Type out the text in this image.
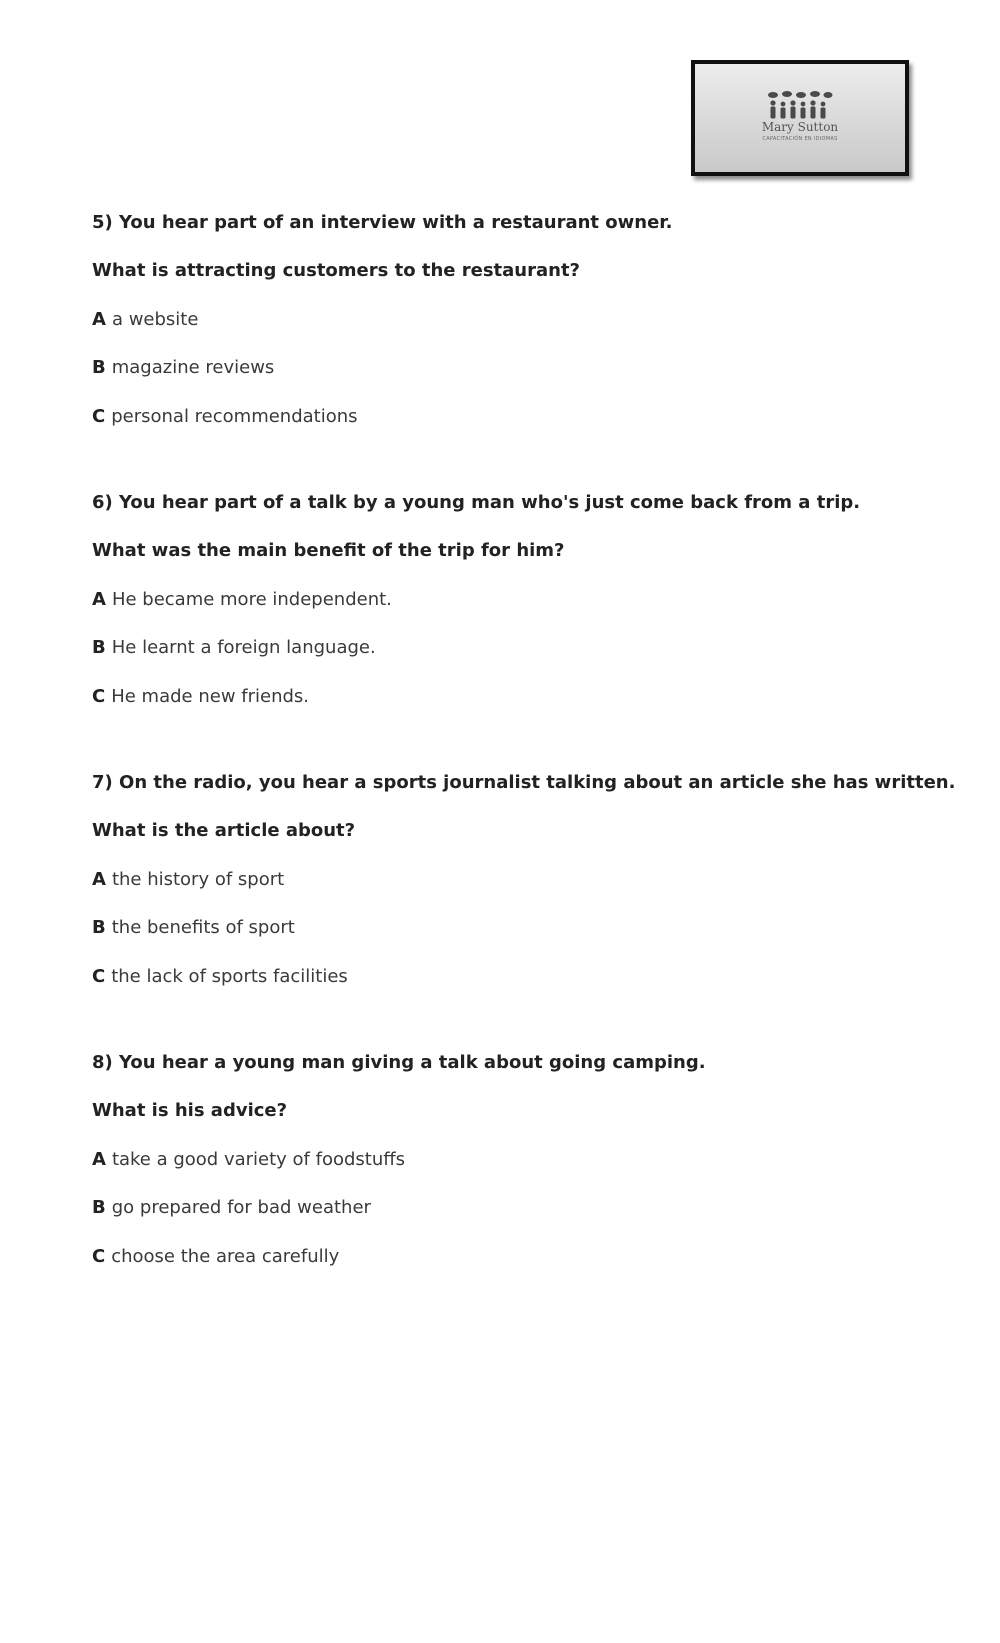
Mary Sutton
CAPACITACIÓN EN IDIOMAS
5) You hear part of an interview with a restaurant owner.
What is attracting customers to the restaurant?
A a website
B magazine reviews
C personal recommendations
6) You hear part of a talk by a young man who's just come back from a trip.
What was the main benefit of the trip for him?
A He became more independent.
B He learnt a foreign language.
C He made new friends.
7) On the radio, you hear a sports journalist talking about an article she has written.
What is the article about?
A the history of sport
B the benefits of sport
C the lack of sports facilities
8) You hear a young man giving a talk about going camping.
What is his advice?
A take a good variety of foodstuffs
B go prepared for bad weather
C choose the area carefully
